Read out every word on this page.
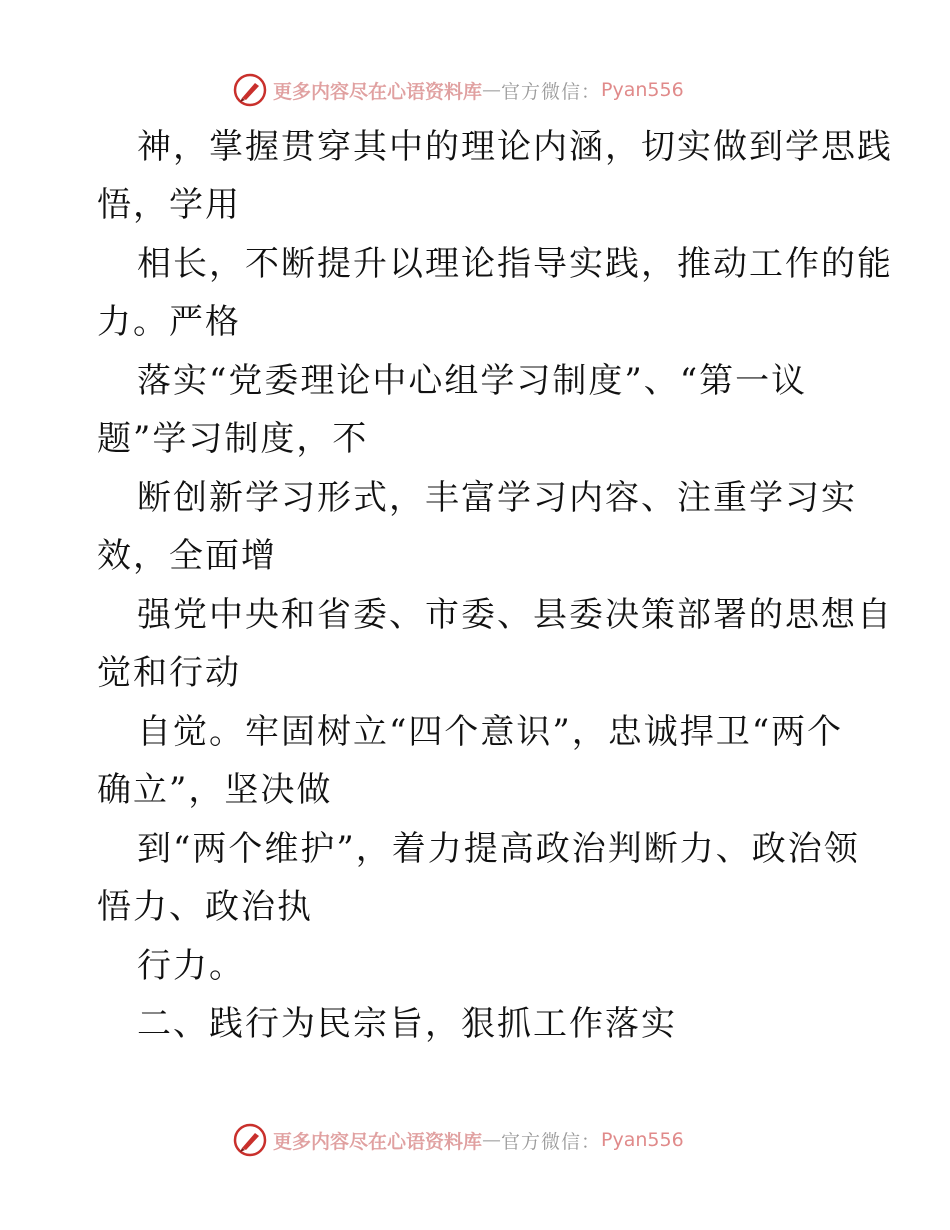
更多内容尽在心语资料库 — 官方微信： Pyan556
神，掌握贯穿其中的理论内涵，切实做到学思践
悟，学用
相长，不断提升以理论指导实践，推动工作的能
力。严格
落实“党委理论中心组学习制度”、“第一议
题”学习制度，不
断创新学习形式，丰富学习内容、注重学习实
效，全面增
强党中央和省委、市委、县委决策部署的思想自
觉和行动
自觉。牢固树立“四个意识”，忠诚捍卫“两个
确立”，坚决做
到“两个维护”，着力提高政治判断力、政治领
悟力、政治执
行力。
二、践行为民宗旨，狠抓工作落实
更多内容尽在心语资料库 — 官方微信： Pyan556
